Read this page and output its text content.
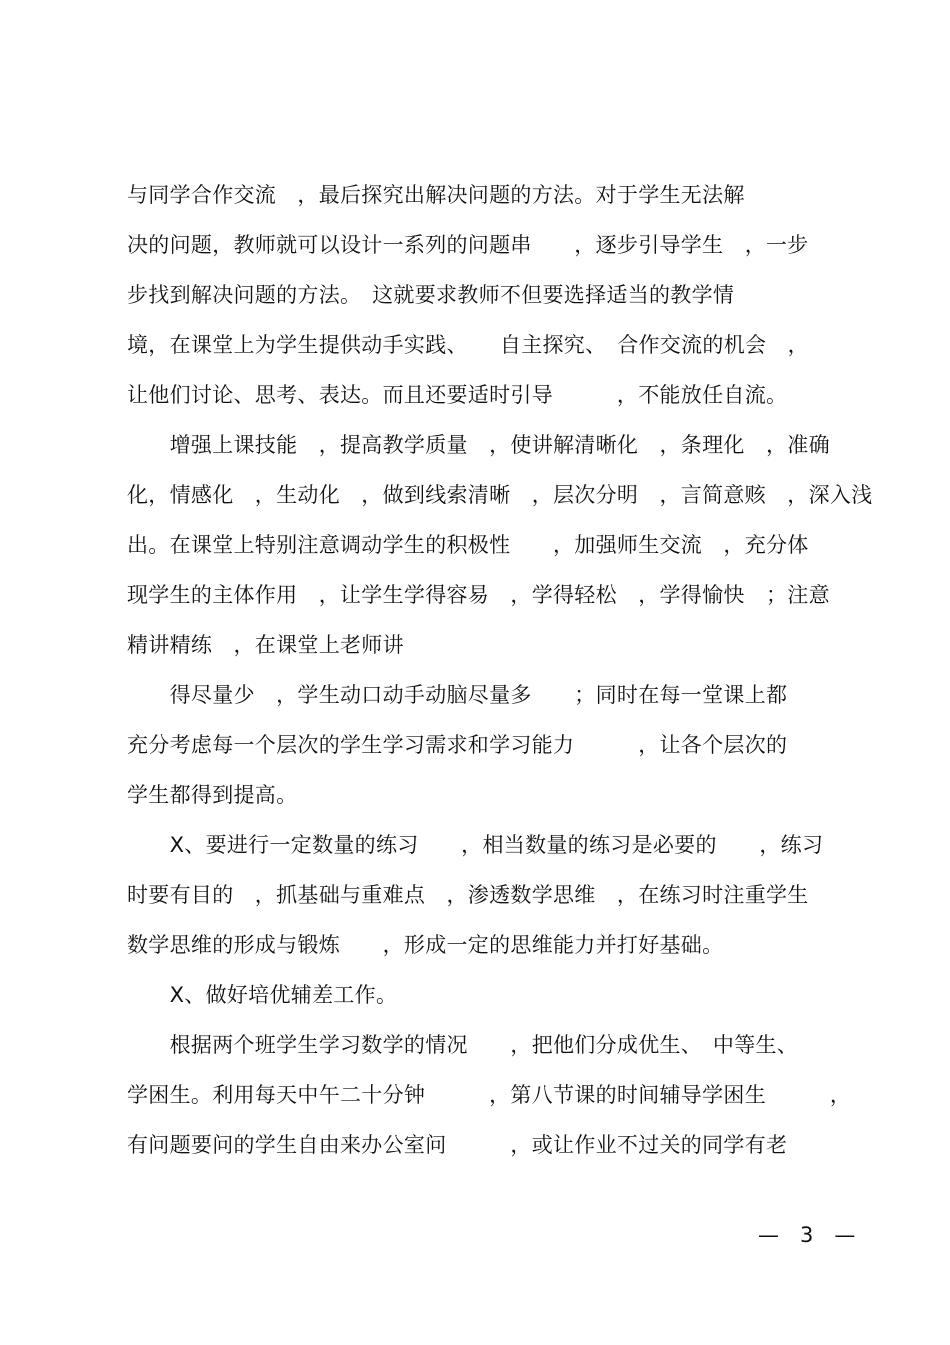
与同学合作交流　，最后探究出解决问题的方法。对于学生无法解
决的问题，教师就可以设计一系列的问题串　　，逐步引导学生　，一步
步找到解决问题的方法。　这就要求教师不但要选择适当的教学情
境，在课堂上为学生提供动手实践、　　自主探究、　合作交流的机会　，
让他们讨论、思考、表达。而且还要适时引导　　　，不能放任自流。
　　增强上课技能　，提高教学质量　，使讲解清晰化　，条理化　，准确
化，情感化　，生动化　，做到线索清晰　，层次分明　，言简意赅　，深入浅
出。在课堂上特别注意调动学生的积极性　　，加强师生交流　，充分体
现学生的主体作用　，让学生学得容易　，学得轻松　，学得愉快　；注意
精讲精练　，在课堂上老师讲
　　得尽量少　，学生动口动手动脑尽量多　　；同时在每一堂课上都
充分考虑每一个层次的学生学习需求和学习能力　　　，让各个层次的
学生都得到提高。
　　X、要进行一定数量的练习　　，相当数量的练习是必要的　　，练习
时要有目的　，抓基础与重难点　，渗透数学思维　，在练习时注重学生
数学思维的形成与锻炼　　，形成一定的思维能力并打好基础。
　　X、做好培优辅差工作。
　　根据两个班学生学习数学的情况　　，把他们分成优生、　中等生、
学困生。利用每天中午二十分钟　　　，第八节课的时间辅导学困生　　　，
有问题要问的学生自由来办公室问　　　，或让作业不过关的同学有老
—　3　—
